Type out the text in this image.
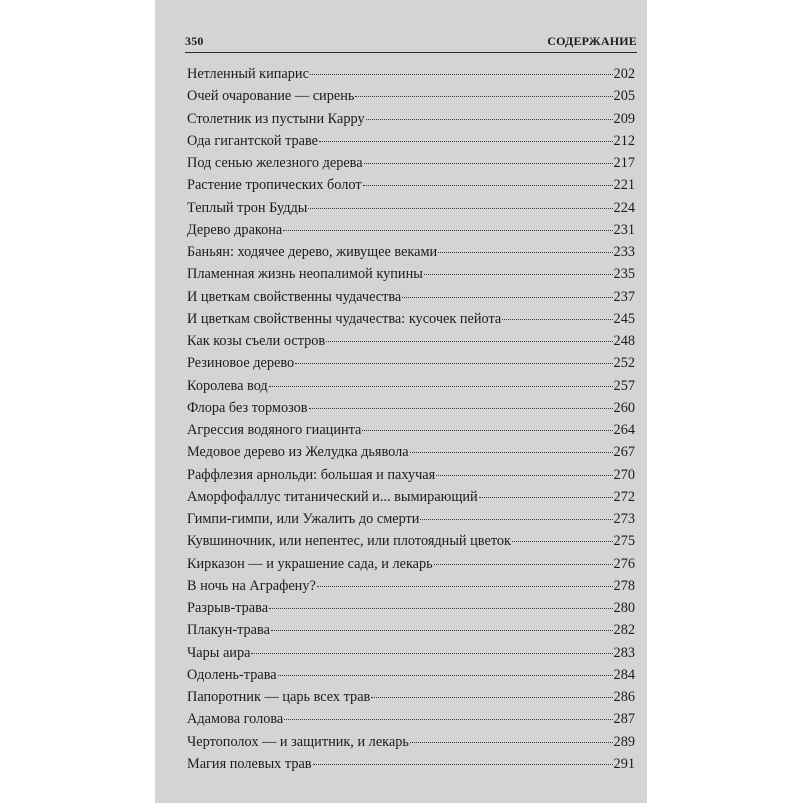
350	СОДЕРЖАНИЕ
Нетленный кипарис	202
Очей очарование — сирень	205
Столетник из пустыни Карру	209
Ода гигантской траве	212
Под сенью железного дерева	217
Растение тропических болот	221
Теплый трон Будды	224
Дерево дракона	231
Баньян: ходячее дерево, живущее веками	233
Пламенная жизнь неопалимой купины	235
И цветкам свойственны чудачества	237
И цветкам свойственны чудачества: кусочек пейота	245
Как козы съели остров	248
Резиновое дерево	252
Королева вод	257
Флора без тормозов	260
Агрессия водяного гиацинта	264
Медовое дерево из Желудка дьявола	267
Раффлезия арнольди: большая и пахучая	270
Аморфофаллус титанический и... вымирающий	272
Гимпи-гимпи, или Ужалить до смерти	273
Кувшиночник, или непентес, или плотоядный цветок	275
Кирказон — и украшение сада, и лекарь	276
В ночь на Аграфену?	278
Разрыв-трава	280
Плакун-трава	282
Чары аира	283
Одолень-трава	284
Папоротник — царь всех трав	286
Адамова голова	287
Чертополох — и защитник, и лекарь	289
Магия полевых трав	291
